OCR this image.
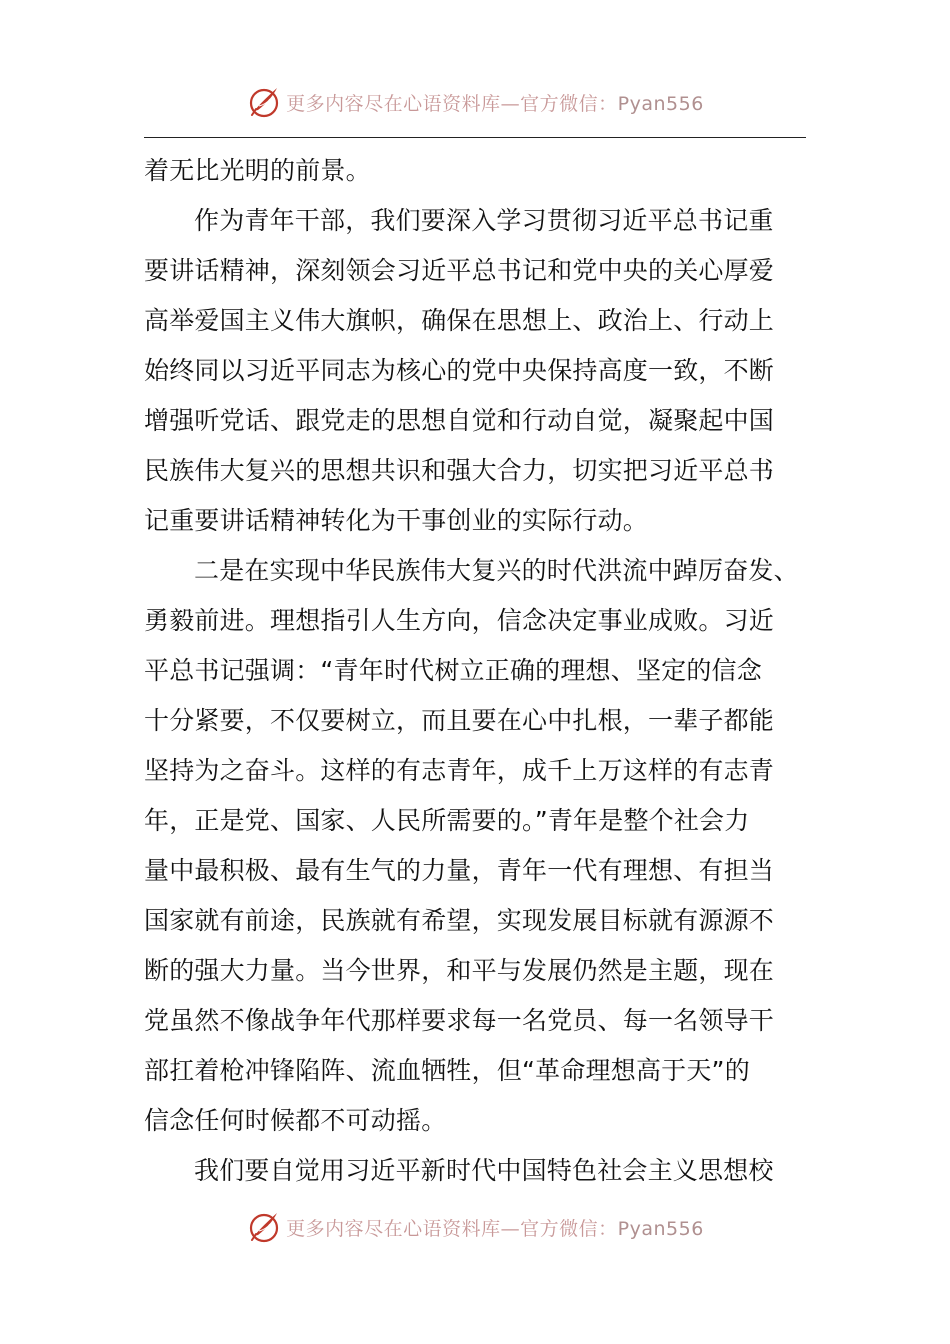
更多内容尽在心语资料库—官方微信：Pyan556
着无比光明的前景。
作为青年干部，我们要深入学习贯彻习近平总书记重
要讲话精神，深刻领会习近平总书记和党中央的关心厚爱
高举爱国主义伟大旗帜，确保在思想上、政治上、行动上
始终同以习近平同志为核心的党中央保持高度一致，不断
增强听党话、跟党走的思想自觉和行动自觉，凝聚起中国
民族伟大复兴的思想共识和强大合力，切实把习近平总书
记重要讲话精神转化为干事创业的实际行动。
二是在实现中华民族伟大复兴的时代洪流中踔厉奋发、
勇毅前进。理想指引人生方向，信念决定事业成败。习近
平总书记强调：“青年时代树立正确的理想、坚定的信念
十分紧要，不仅要树立，而且要在心中扎根，一辈子都能
坚持为之奋斗。这样的有志青年，成千上万这样的有志青
年，正是党、国家、人民所需要的。”青年是整个社会力
量中最积极、最有生气的力量，青年一代有理想、有担当
国家就有前途，民族就有希望，实现发展目标就有源源不
断的强大力量。当今世界，和平与发展仍然是主题，现在
党虽然不像战争年代那样要求每一名党员、每一名领导干
部扛着枪冲锋陷阵、流血牺牲，但“革命理想高于天”的
信念任何时候都不可动摇。
我们要自觉用习近平新时代中国特色社会主义思想校
更多内容尽在心语资料库—官方微信：Pyan556
